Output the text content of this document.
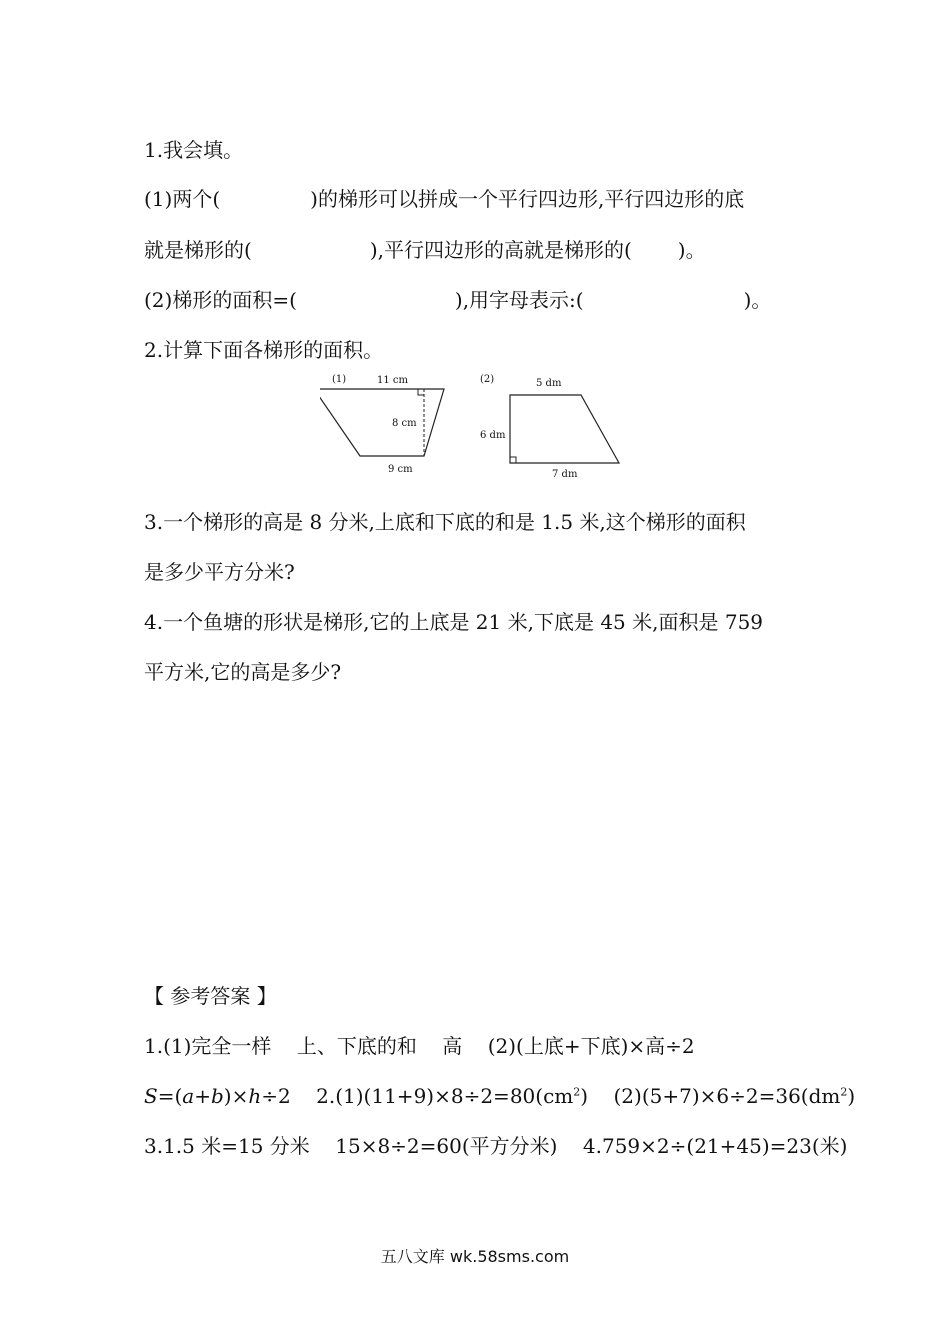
1.我会填。
(1)两个(	)的梯形可以拼成一个平行四边形,平行四边形的底
就是梯形的(	),平行四边形的高就是梯形的( )。
(2)梯形的面积=(	),用字母表示:(	)。
2.计算下面各梯形的面积。
(1)	11 cm
8 cm
9 cm
(2)	5 dm
6 dm
7 dm
3.一个梯形的高是 8 分米,上底和下底的和是 1.5 米,这个梯形的面积
是多少平方分米?
4.一个鱼塘的形状是梯形,它的上底是 21 米,下底是 45 米,面积是 759
平方米,它的高是多少?
【 参考答案 】
1.(1)完全一样    上、下底的和    高    (2)(上底+下底)×高÷2
S=(a+b)×h÷2    $2.(1)(11+9)\times 8\div 2=80(cm^2)$    $(2)(5+7)\times 6\div 2=36(dm^2)$
3.1.5 米=15 分米    15×8÷2=60(平方分米)    4.759×2÷(21+45)=23(米)
五八文库 wk.58sms.com
